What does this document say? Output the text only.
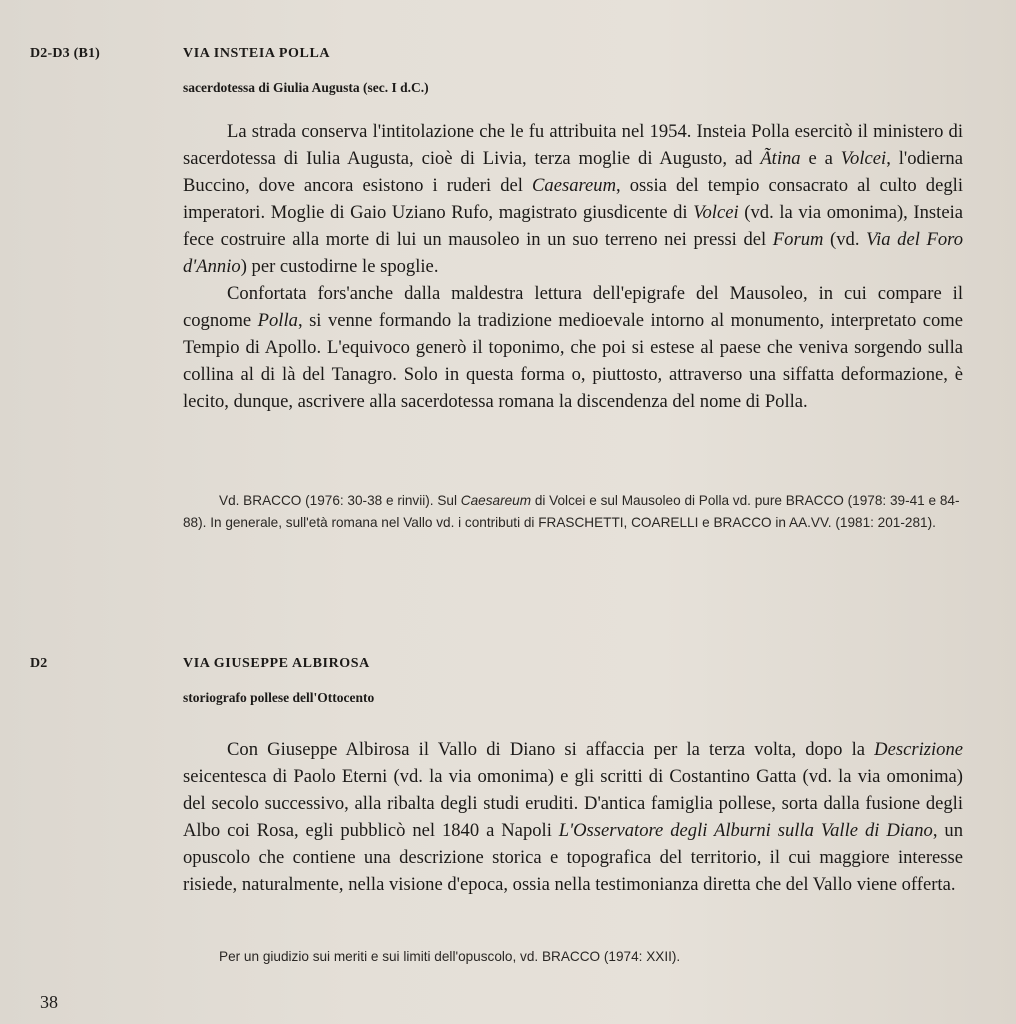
D2-D3 (B1)	VIA INSTEIA POLLA
sacerdotessa di Giulia Augusta (sec. I d.C.)

La strada conserva l'intitolazione che le fu attribuita nel 1954. Insteia Polla esercitò il ministero di sacerdotessa di Iulia Augusta, cioè di Livia, terza moglie di Augusto, ad Ãtina e a Volcei, l'odierna Buccino, dove ancora esistono i ruderi del Caesareum, ossia del tempio consacrato al culto degli imperatori. Moglie di Gaio Uziano Rufo, magistrato giusdicente di Volcei (vd. la via omonima), Insteia fece costruire alla morte di lui un mausoleo in un suo terreno nei pressi del Forum (vd. Via del Foro d'Annio) per custodirne le spoglie.

Confortata fors'anche dalla maldestra lettura dell'epigrafe del Mausoleo, in cui compare il cognome Polla, si venne formando la tradizione medioevale intorno al monumento, interpretato come Tempio di Apollo. L'equivoco generò il toponimo, che poi si estese al paese che veniva sorgendo sulla collina al di là del Tanagro. Solo in questa forma o, piuttosto, attraverso una siffatta deformazione, è lecito, dunque, ascrivere alla sacerdotessa romana la discendenza del nome di Polla.

Vd. BRACCO (1976: 30-38 e rinvii). Sul Caesareum di Volcei e sul Mausoleo di Polla vd. pure BRACCO (1978: 39-41 e 84-88). In generale, sull'età romana nel Vallo vd. i contributi di FRASCHETTI, COARELLI e BRACCO in AA.VV. (1981: 201-281).

D2	VIA GIUSEPPE ALBIROSA
storiografo pollese dell'Ottocento

Con Giuseppe Albirosa il Vallo di Diano si affaccia per la terza volta, dopo la Descrizione seicentesca di Paolo Eterni (vd. la via omonima) e gli scritti di Costantino Gatta (vd. la via omonima) del secolo successivo, alla ribalta degli studi eruditi. D'antica famiglia pollese, sorta dalla fusione degli Albo coi Rosa, egli pubblicò nel 1840 a Napoli L'Osservatore degli Alburni sulla Valle di Diano, un opuscolo che contiene una descrizione storica e topografica del territorio, il cui maggiore interesse risiede, naturalmente, nella visione d'epoca, ossia nella testimonianza diretta che del Vallo viene offerta.

Per un giudizio sui meriti e sui limiti dell'opuscolo, vd. BRACCO (1974: XXII).

38
